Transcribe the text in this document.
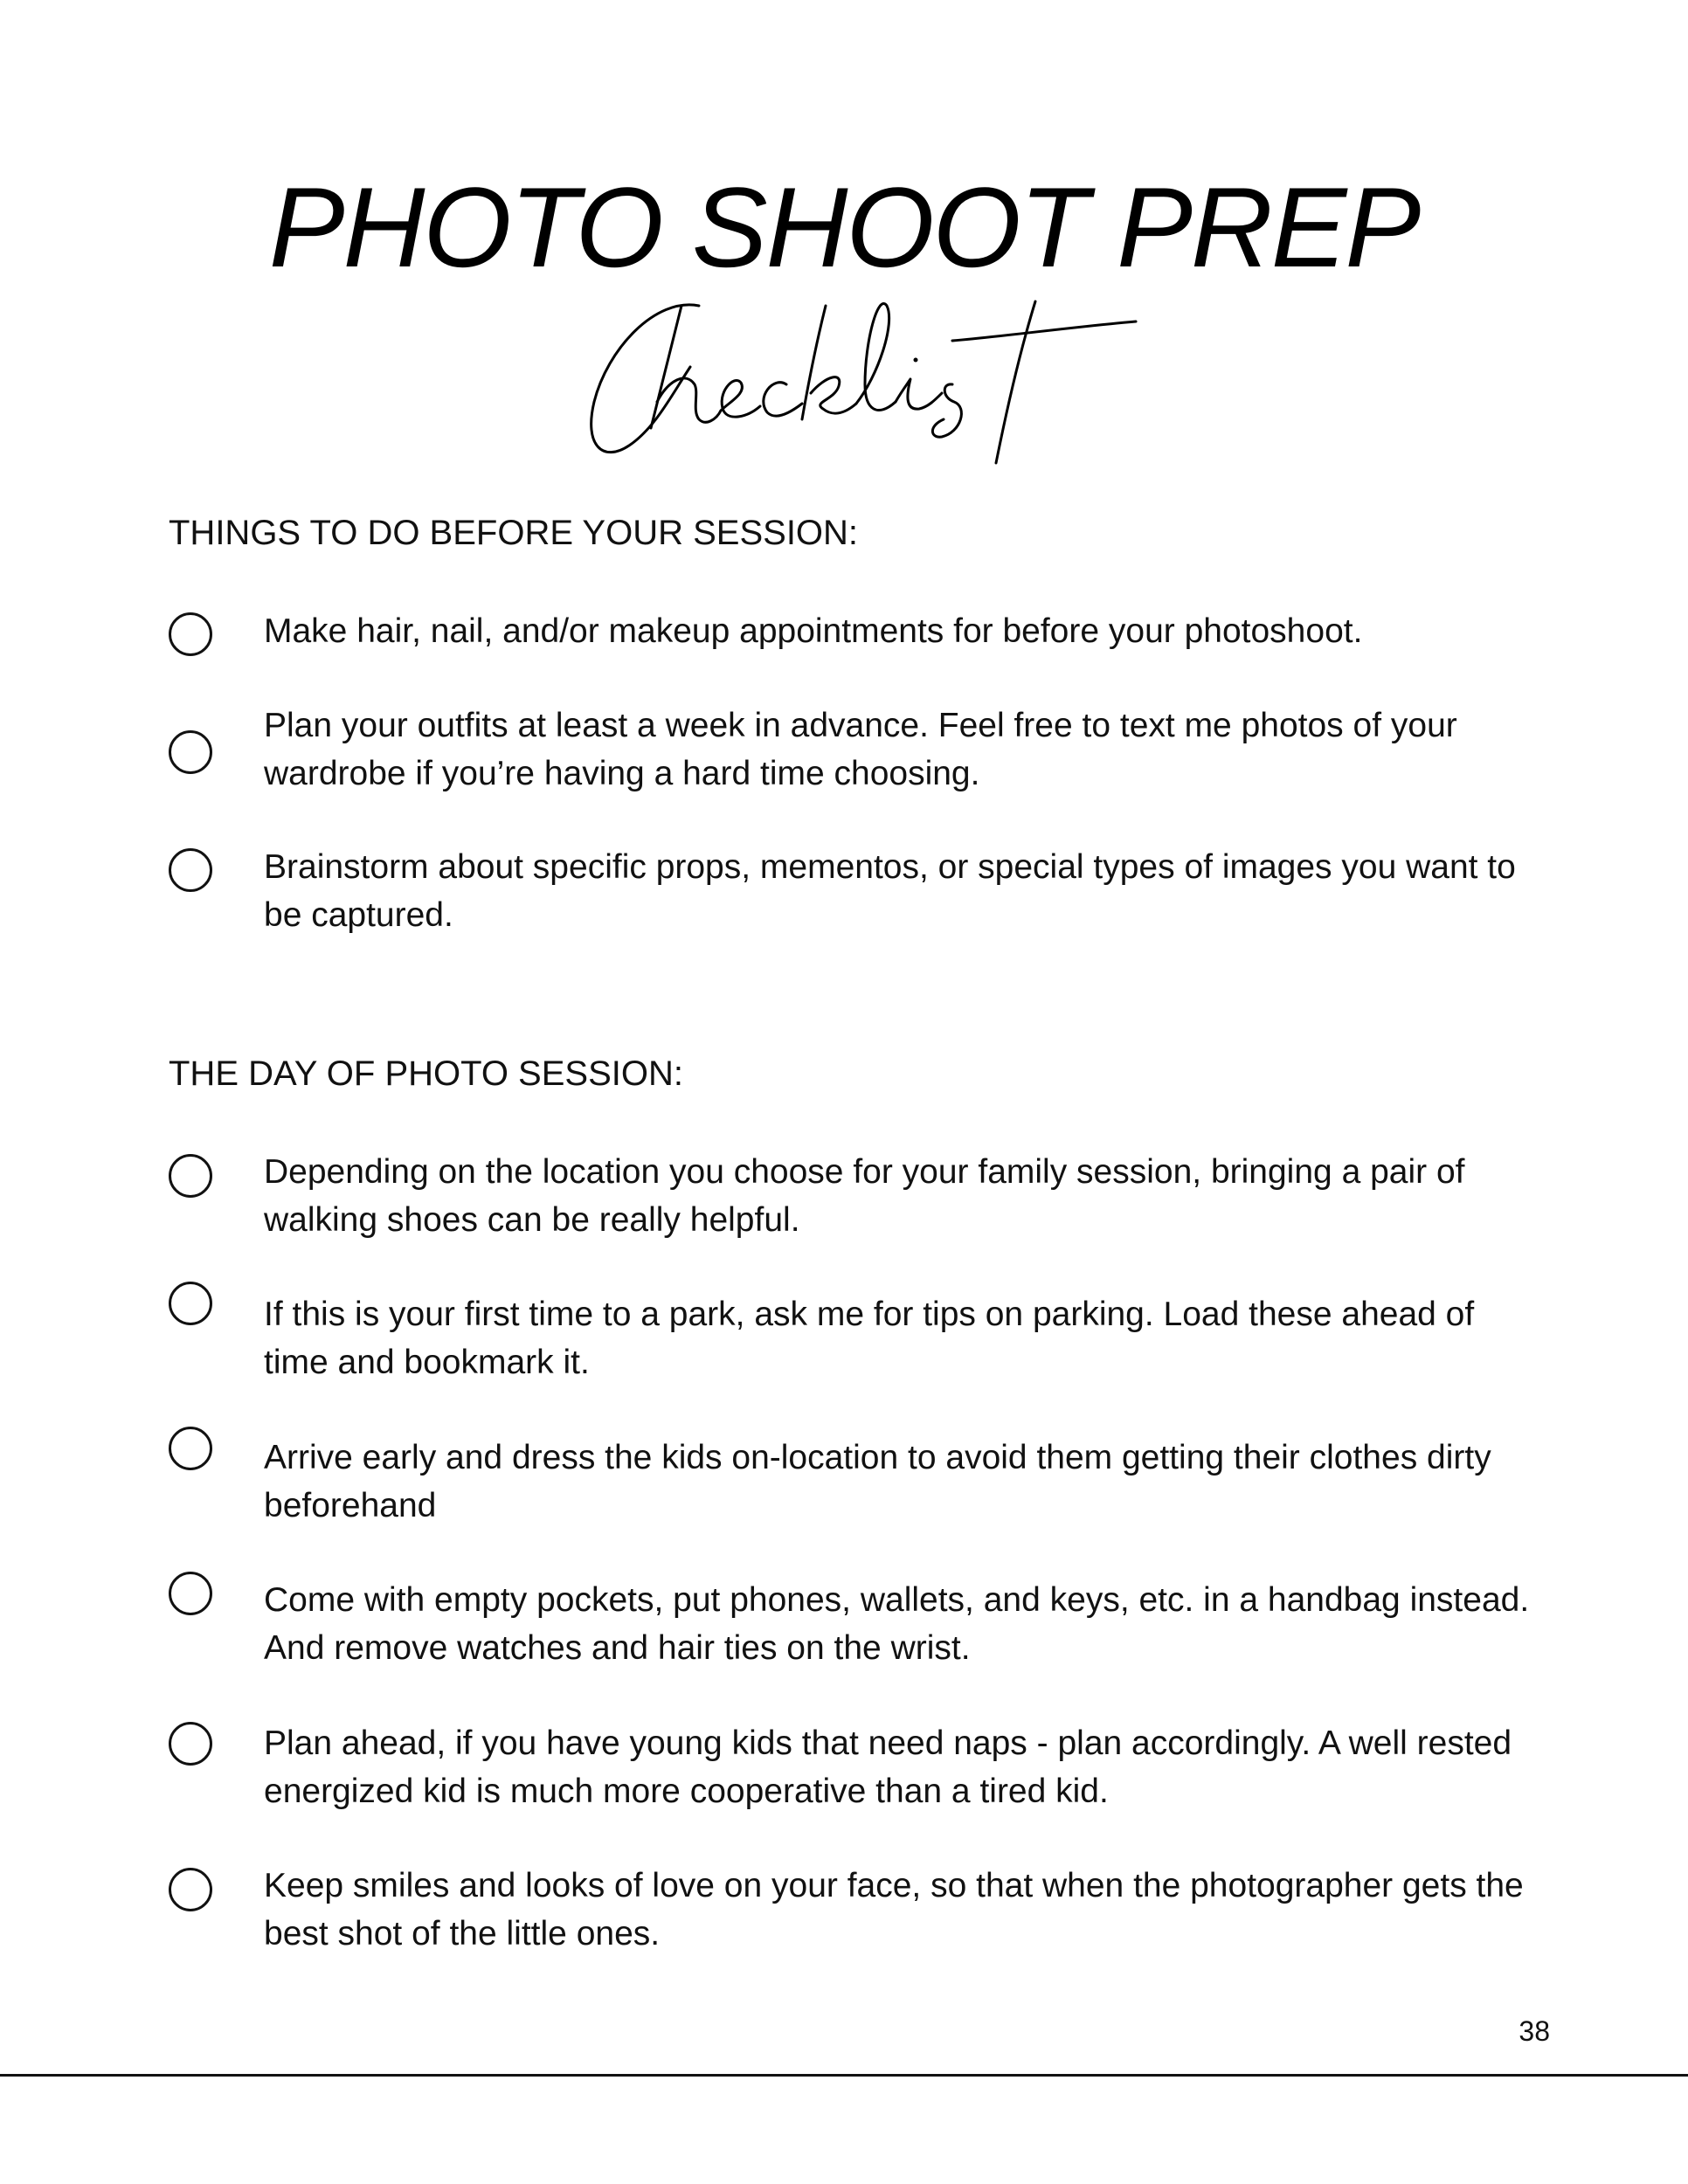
PHOTO SHOOT PREP
THINGS TO DO BEFORE YOUR SESSION:
Make hair, nail, and/or makeup appointments for before your photoshoot.
Plan your outfits at least a week in advance. Feel free to text me photos of your wardrobe if you’re having a hard time choosing.
Brainstorm about specific props, mementos, or special types of images you want to be captured.
THE DAY OF PHOTO SESSION:
Depending on the location you choose for your family session, bringing a pair of walking shoes can be really helpful.
If this is your first time to a park, ask me for tips on parking. Load these ahead of time and bookmark it.
Arrive early and dress the kids on-location to avoid them getting their clothes dirty beforehand
Come with empty pockets, put phones, wallets, and keys, etc. in a handbag instead. And remove watches and hair ties on the wrist.
Plan ahead, if you have young kids that need naps - plan accordingly. A well rested energized kid is much more cooperative than a tired kid.
Keep smiles and looks of love on your face, so that when the photographer gets the best shot of the little ones.
38
